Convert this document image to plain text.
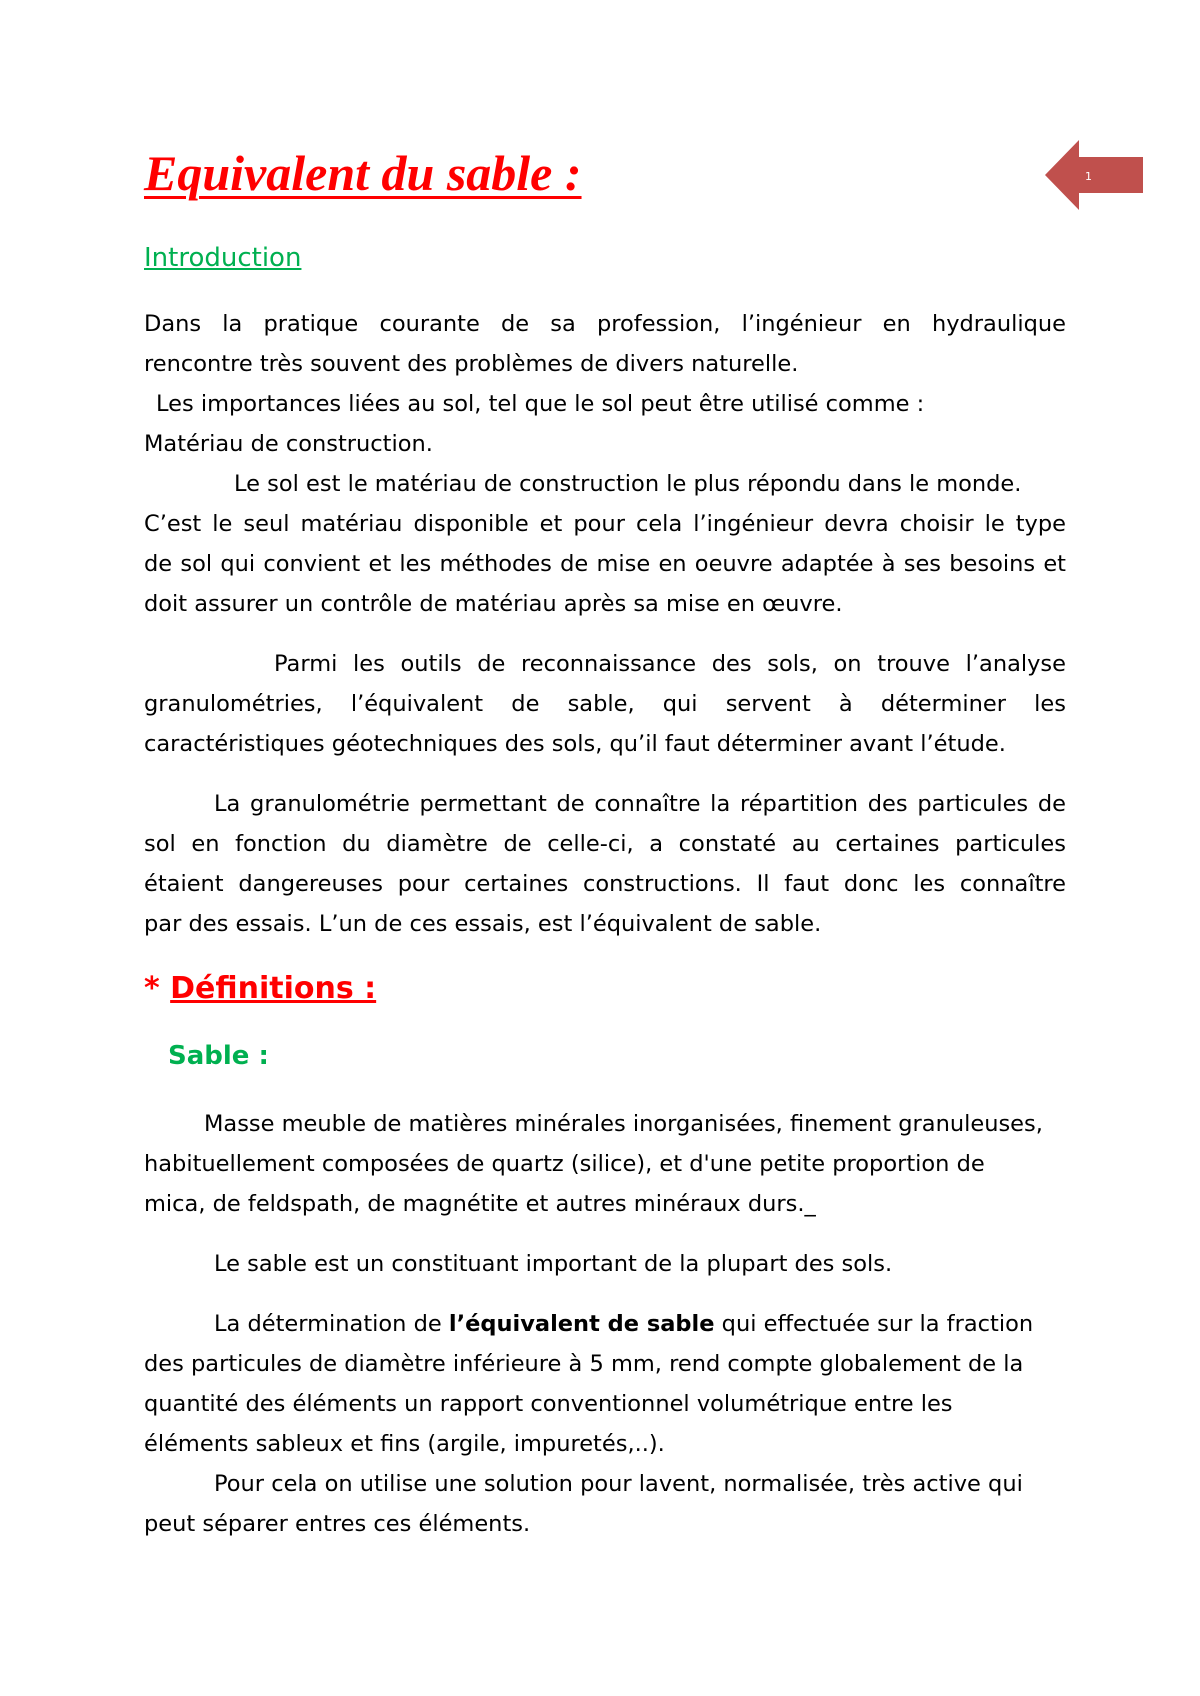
Equivalent du sable :	1
Introduction

Dans la pratique courante de sa profession, l’ingénieur en hydraulique

rencontre très souvent des problèmes de divers naturelle.

Les importances liées au sol, tel que le sol peut être utilisé comme :

Matériau de construction.

Le sol est le matériau de construction le plus répondu dans le monde.

C’est le seul matériau disponible et pour cela l’ingénieur devra choisir le type

de sol qui convient et les méthodes de mise en oeuvre adaptée à ses besoins et

doit assurer un contrôle de matériau après sa mise en œuvre.

Parmi les outils de reconnaissance des sols, on trouve l’analyse

granulométries, l’équivalent de sable, qui servent à déterminer les

caractéristiques géotechniques des sols, qu’il faut déterminer avant l’étude.

La granulométrie permettant de connaître la répartition des particules de

sol en fonction du diamètre de celle-ci, a constaté au certaines particules

étaient dangereuses pour certaines constructions. Il faut donc les connaître

par des essais. L’un de ces essais, est l’équivalent de sable.

* Définitions :
Sable :

Masse meuble de matières minérales inorganisées, finement granuleuses,

habituellement composées de quartz (silice), et d'une petite proportion de

mica, de feldspath, de magnétite et autres minéraux durs._

Le sable est un constituant important de la plupart des sols.

La détermination de l’équivalent de sable qui effectuée sur la fraction

des particules de diamètre inférieure à 5 mm, rend compte globalement de la

quantité des éléments un rapport conventionnel volumétrique entre les

éléments sableux et fins (argile, impuretés,..).

Pour cela on utilise une solution pour lavent, normalisée, très active qui

peut séparer entres ces éléments.
